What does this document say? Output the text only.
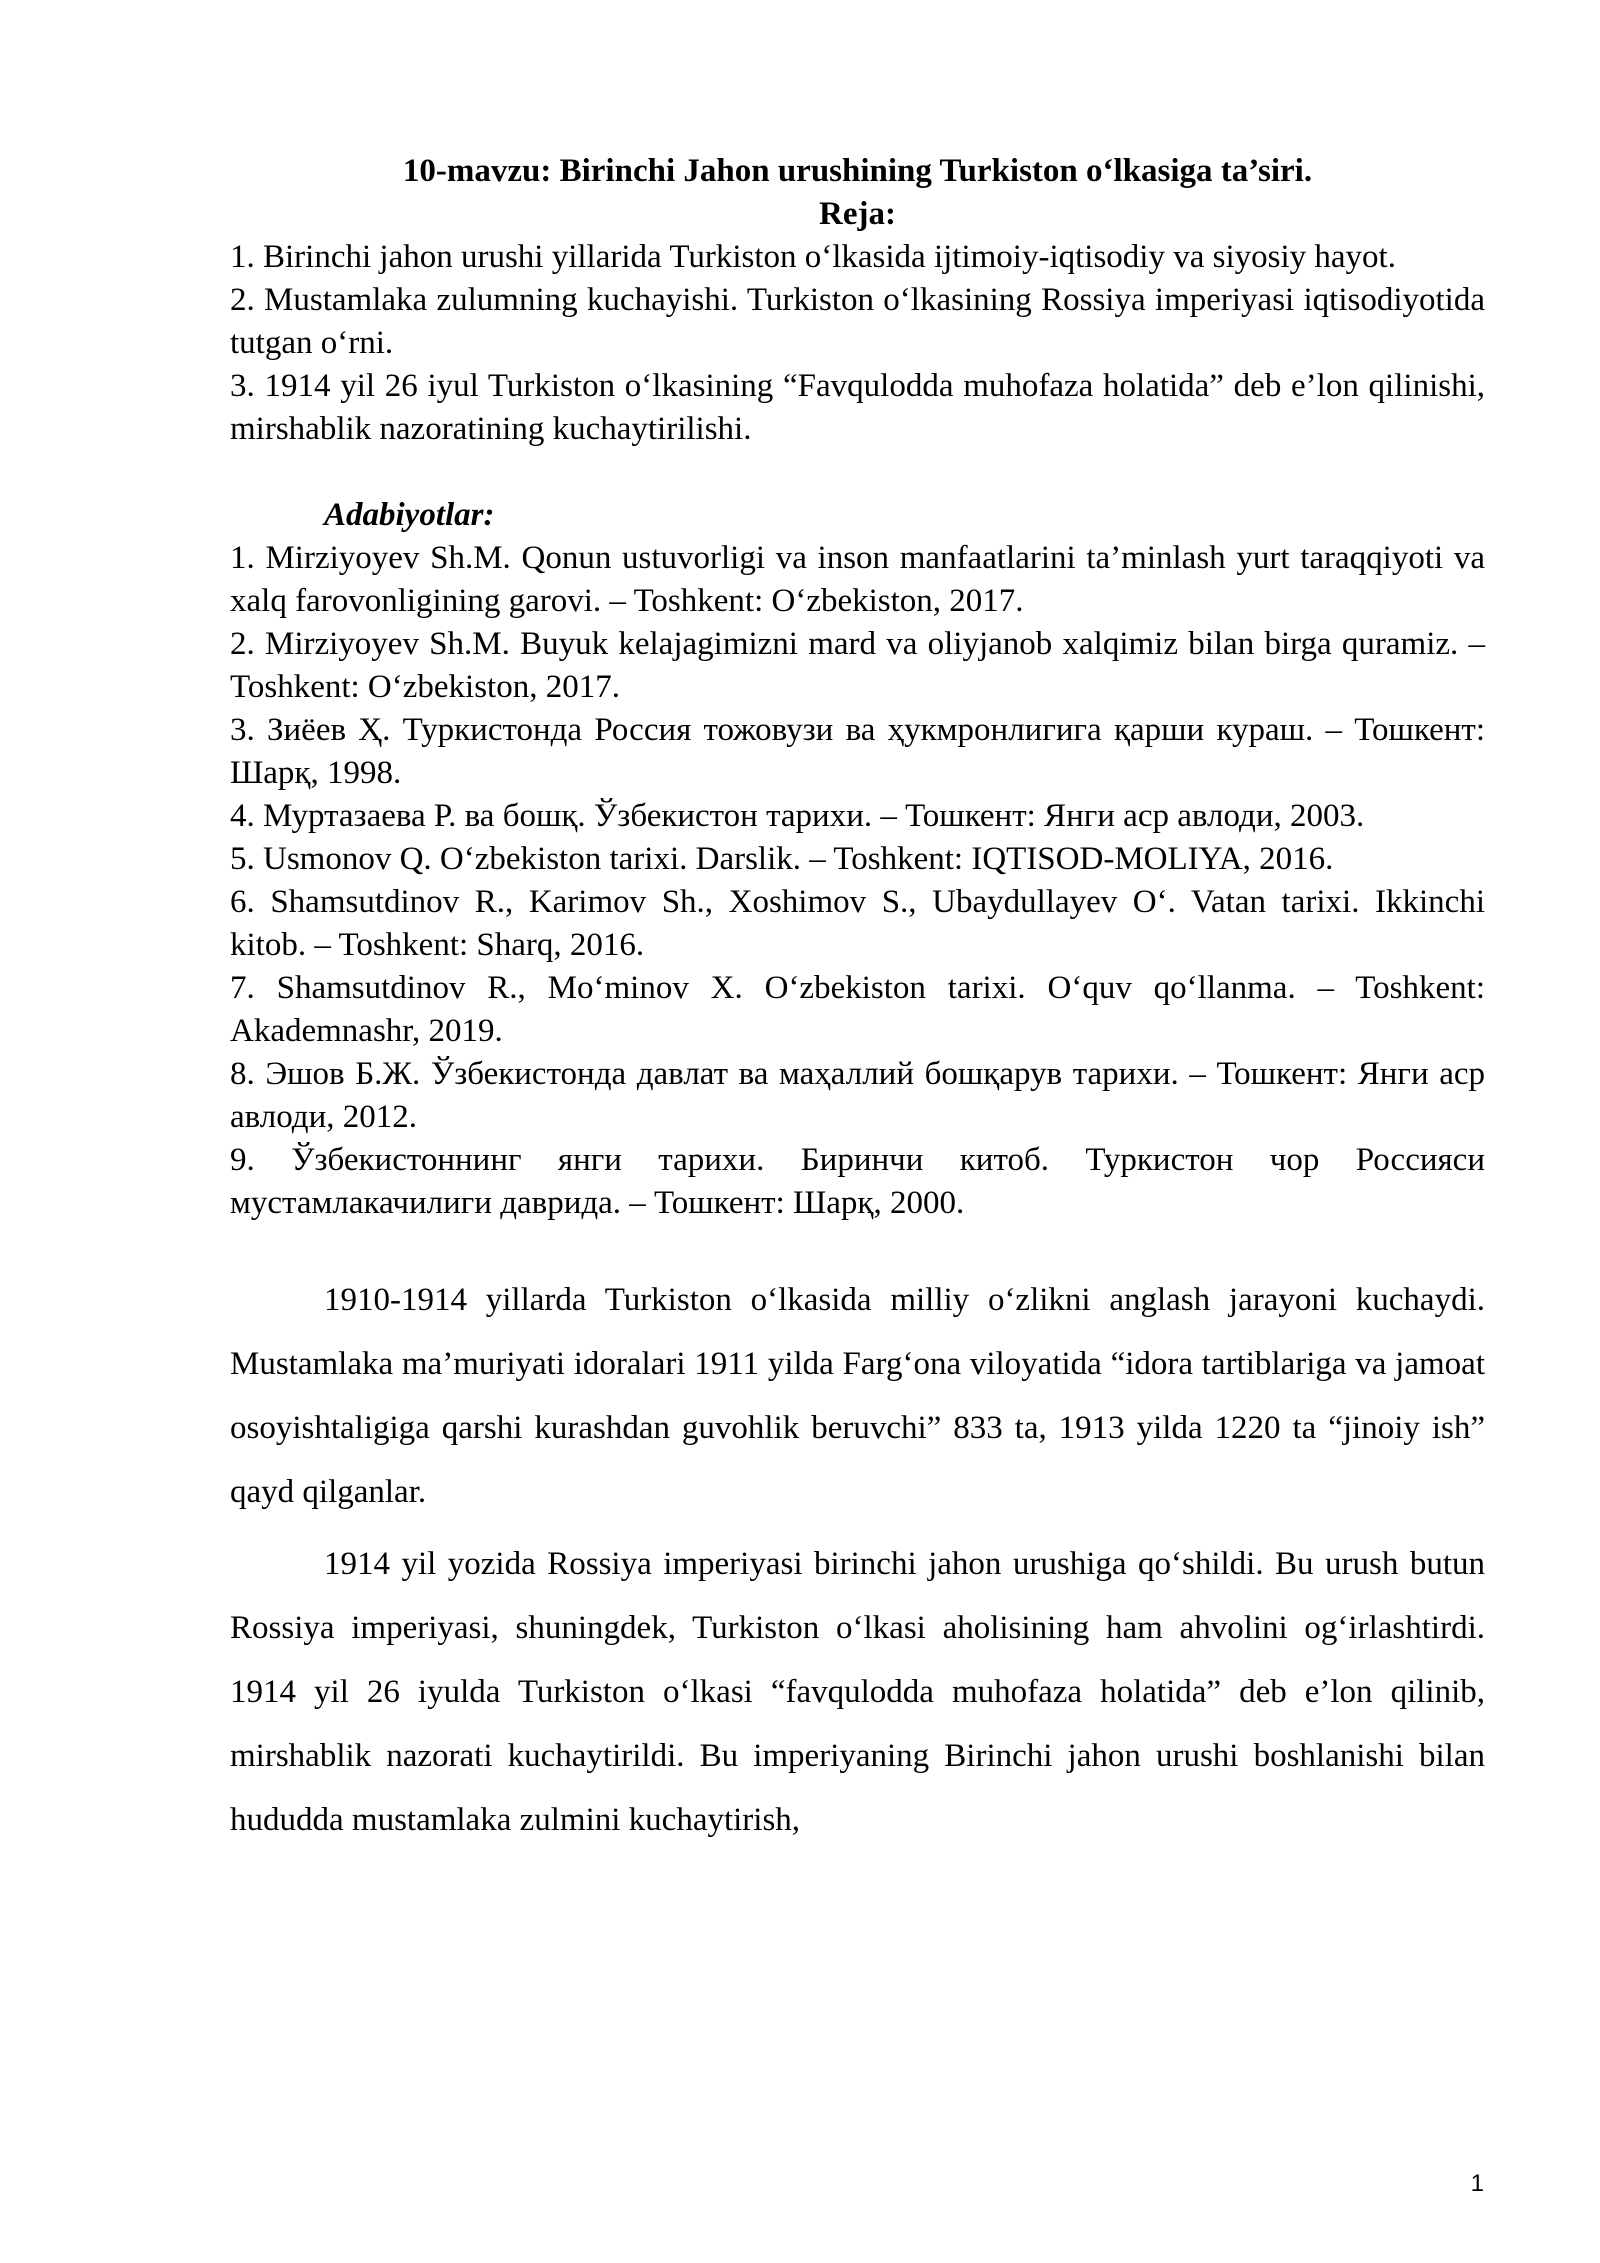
10-mavzu: Birinchi Jahon urushining Turkiston o‘lkasiga ta’siri.

Reja:

1. Birinchi jahon urushi yillarida Turkiston o‘lkasida ijtimoiy-iqtisodiy va siyosiy hayot.
2. Mustamlaka zulumning kuchayishi. Turkiston o‘lkasining Rossiya imperiyasi iqtisodiyotida tutgan o‘rni.
3. 1914 yil 26 iyul Turkiston o‘lkasining “Favqulodda muhofaza holatida” deb e’lon qilinishi, mirshablik nazoratining kuchaytirilishi.

Adabiyotlar:

1. Mirziyoyev Sh.M. Qonun ustuvorligi va inson manfaatlarini ta’minlash yurt taraqqiyoti va xalq farovonligining garovi. – Toshkent: O‘zbekiston, 2017.
2. Mirziyoyev Sh.M. Buyuk kelajagimizni mard va oliyjanob xalqimiz bilan birga quramiz. – Toshkent: O‘zbekiston, 2017.
3. Зиёев Ҳ. Туркистонда Россия тожовузи ва ҳукмронлигига қарши кураш. – Тошкент: Шарқ, 1998.
4. Муртазаева Р. ва бошқ. Ўзбекистон тарихи. – Тошкент: Янги аср авлоди, 2003.
5. Usmonov Q. O‘zbekiston tarixi. Darslik. – Toshkent: IQTISOD-MOLIYA, 2016.
6. Shamsutdinov R., Karimov Sh., Xoshimov S., Ubaydullayev O‘. Vatan tarixi. Ikkinchi kitob. – Toshkent: Sharq, 2016.
7. Shamsutdinov R., Mo‘minov X. O‘zbekiston tarixi. O‘quv qo‘llanma. – Toshkent: Akademnashr, 2019.
8. Эшов Б.Ж. Ўзбекистонда давлат ва маҳаллий бошқарув тарихи. – Тошкент: Янги аср авлоди, 2012.
9. Ўзбекистоннинг янги тарихи. Биринчи китоб. Туркистон чор Россияси мустамлакачилиги даврида. – Тошкент: Шарқ, 2000.

1910-1914 yillarda Turkiston o‘lkasida milliy o‘zlikni anglash jarayoni kuchaydi. Mustamlaka ma’muriyati idoralari 1911 yilda Farg‘ona viloyatida “idora tartiblariga va jamoat osoyishtaligiga qarshi kurashdan guvohlik beruvchi” 833 ta, 1913 yilda 1220 ta “jinoiy ish” qayd qilganlar.

1914 yil yozida Rossiya imperiyasi birinchi jahon urushiga qo‘shildi. Bu urush butun Rossiya imperiyasi, shuningdek, Turkiston o‘lkasi aholisining ham ahvolini og‘irlashtirdi. 1914 yil 26 iyulda Turkiston o‘lkasi “favqulodda muhofaza holatida” deb e’lon qilinib, mirshablik nazorati kuchaytirildi. Bu imperiyaning Birinchi jahon urushi boshlanishi bilan hududda mustamlaka zulmini kuchaytirish,

1
